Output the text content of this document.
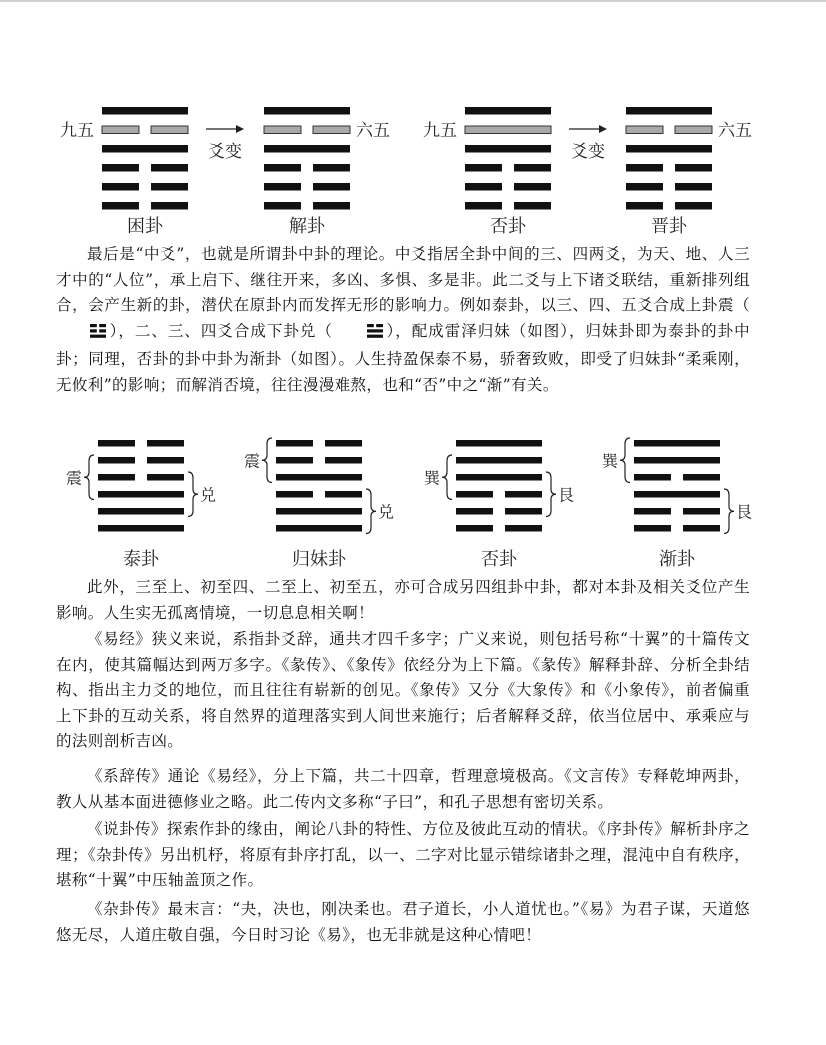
九五
困卦
六五
解卦
九五
否卦
六五
晋卦
爻变	爻变

最后是“中爻”，也就是所谓卦中卦的理论。中爻指居全卦中间的三、四两爻，为天、地、人三才中的“人位”，承上启下、继往开来，多凶、多惧、多是非。此二爻与上下诸爻联结，重新排列组合，会产生新的卦，潜伏在原卦内而发挥无形的影响力。例如泰卦，以三、四、五爻合成上卦震（），二、三、四爻合成下卦兑（	），配成雷泽归妹（如图），归妹卦即为泰卦的卦中卦；同理，否卦的卦中卦为渐卦（如图）。人生持盈保泰不易，骄奢致败，即受了归妹卦“柔乘刚，无攸利”的影响；而解消否境，往往漫漫难熬，也和“否”中之“渐”有关。

震
兑
泰卦
震
兑
归妹卦
巽
艮
否卦
巽
艮
渐卦

此外，三至上、初至四、二至上、初至五，亦可合成另四组卦中卦，都对本卦及相关爻位产生影响。人生实无孤离情境，一切息息相关啊！

《易经》狭义来说，系指卦爻辞，通共才四千多字；广义来说，则包括号称“十翼”的十篇传文在内，使其篇幅达到两万多字。《彖传》、《象传》依经分为上下篇。《彖传》解释卦辞、分析全卦结构、指出主力爻的地位，而且往往有崭新的创见。《象传》又分《大象传》和《小象传》，前者偏重上下卦的互动关系，将自然界的道理落实到人间世来施行；后者解释爻辞，依当位居中、承乘应与的法则剖析吉凶。

《系辞传》通论《易经》，分上下篇，共二十四章，哲理意境极高。《文言传》专释乾坤两卦，教人从基本面进德修业之略。此二传内文多称“子曰”，和孔子思想有密切关系。

《说卦传》探索作卦的缘由，阐论八卦的特性、方位及彼此互动的情状。《序卦传》解析卦序之理；《杂卦传》另出机杼，将原有卦序打乱，以一、二字对比显示错综诸卦之理，混沌中自有秩序，堪称“十翼”中压轴盖顶之作。

《杂卦传》最末言：“夬，决也，刚决柔也。君子道长，小人道忧也。”《易》为君子谋，天道悠悠无尽，人道庄敬自强，今日时习论《易》，也无非就是这种心情吧！
